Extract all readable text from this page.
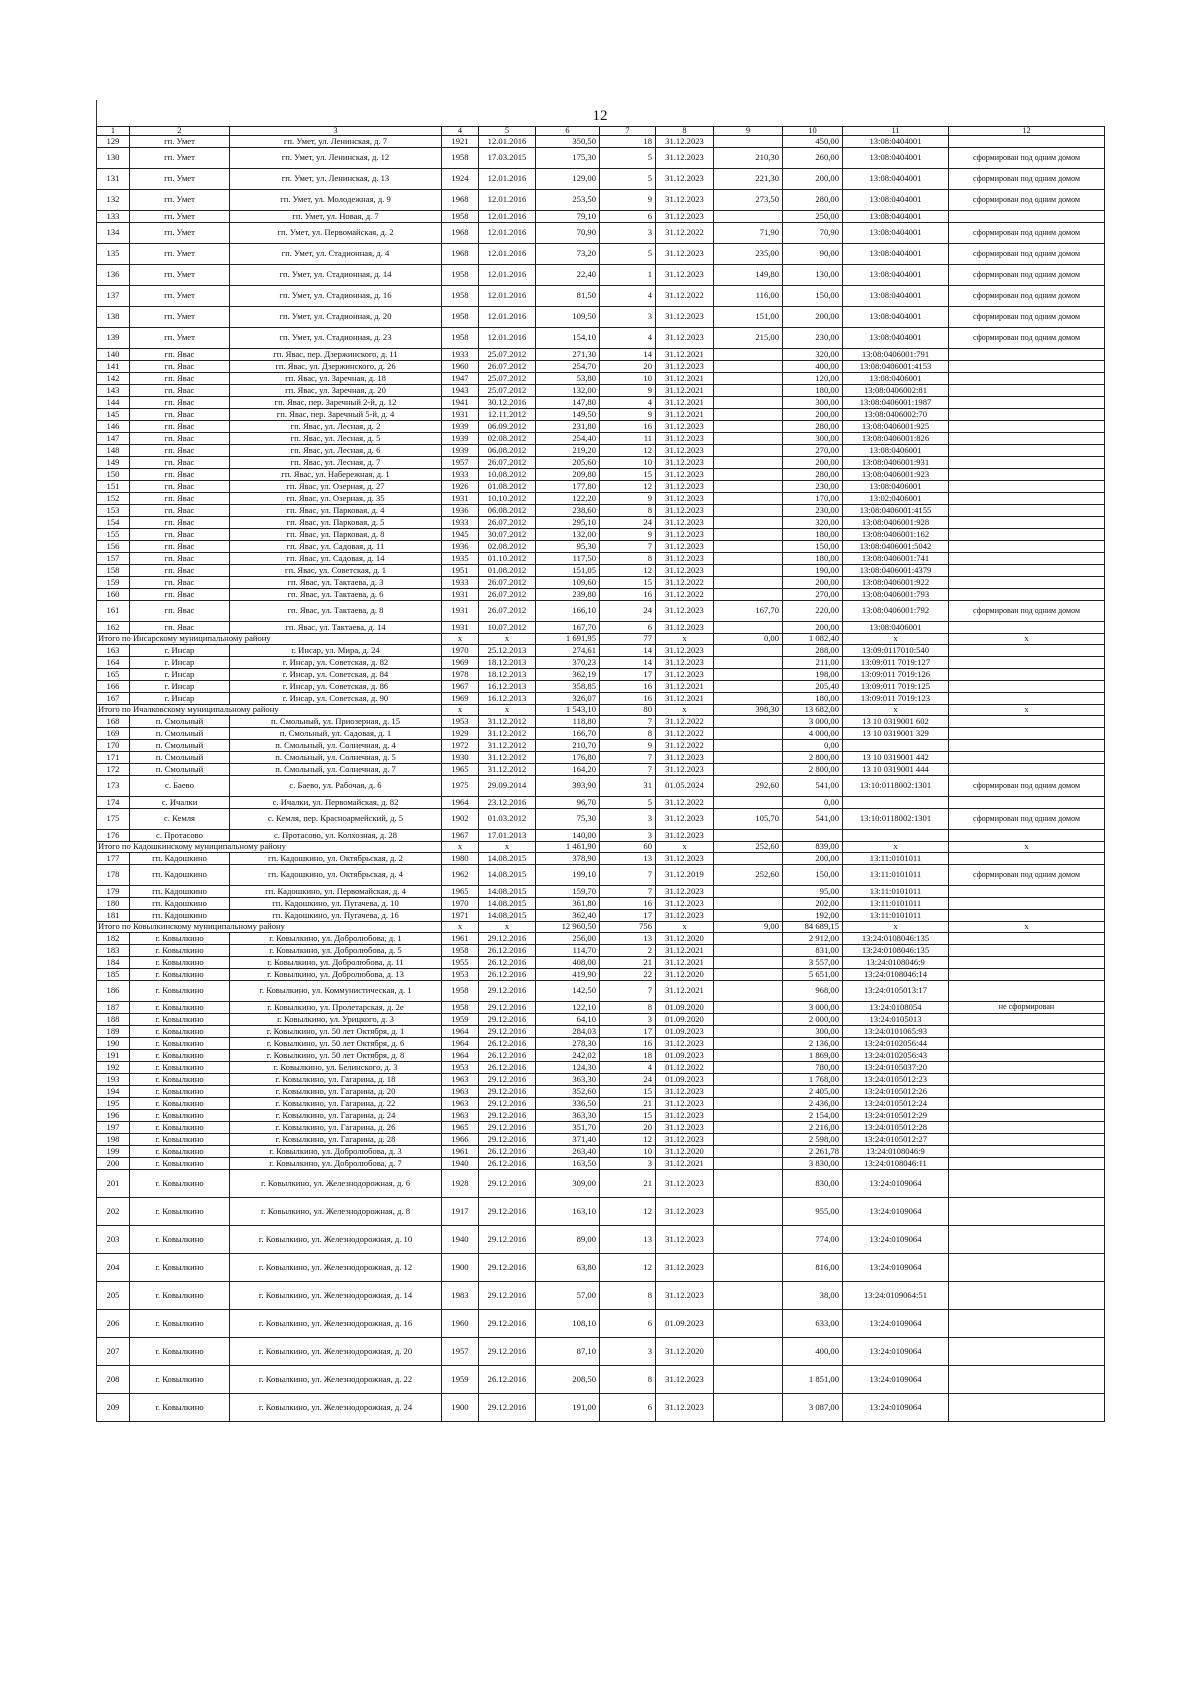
12
1	2	3	4	5	6	7	8	9	10	11	12
129	гп. Умет	гп. Умет, ул. Ленинская, д. 7	1921	12.01.2016	350,50	18	31.12.2023		450,00	13:08:0404001	
130	гп. Умет	гп. Умет, ул. Ленинская, д. 12	1958	17.03.2015	175,30	5	31.12.2023	210,30	260,00	13:08:0404001	сформирован под одним домом
131	гп. Умет	гп. Умет, ул. Ленинская, д. 13	1924	12.01.2016	129,00	5	31.12.2023	221,30	200,00	13:08:0404001	сформирован под одним домом
132	гп. Умет	гп. Умет, ул. Молодежная, д. 9	1968	12.01.2016	253,50	9	31.12.2023	273,50	280,00	13:08:0404001	сформирован под одним домом
133	гп. Умет	гп. Умет, ул. Новая, д. 7	1958	12.01.2016	79,10	6	31.12.2023		250,00	13:08:0404001	
134	гп. Умет	гп. Умет, ул. Первомайская, д. 2	1968	12.01.2016	70,90	3	31.12.2022	71,90	70,90	13:08:0404001	сформирован под одним домом
135	гп. Умет	гп. Умет, ул. Стадионная, д. 4	1968	12.01.2016	73,20	5	31.12.2023	235,00	90,00	13:08:0404001	сформирован под одним домом
136	гп. Умет	гп. Умет, ул. Стадионная, д. 14	1958	12.01.2016	22,40	1	31.12.2023	149,80	130,00	13:08:0404001	сформирован под одним домом
137	гп. Умет	гп. Умет, ул. Стадионная, д. 16	1958	12.01.2016	81,50	4	31.12.2022	116,00	150,00	13:08:0404001	сформирован под одним домом
138	гп. Умет	гп. Умет, ул. Стадионная, д. 20	1958	12.01.2016	109,50	3	31.12.2023	151,00	200,00	13:08:0404001	сформирован под одним домом
139	гп. Умет	гп. Умет, ул. Стадионная, д. 23	1958	12.01.2016	154,10	4	31.12.2023	215,00	230,00	13:08:0404001	сформирован под одним домом
140	гп. Явас	гп. Явас, пер. Дзержинского, д. 11	1933	25.07.2012	271,30	14	31.12.2021		320,00	13:08:0406001:791	
141	гп. Явас	гп. Явас, ул. Дзержинского, д. 26	1960	26.07.2012	254,70	20	31.12.2023		400,00	13:08:0406001:4153	
142	гп. Явас	гп. Явас, ул. Заречная, д. 18	1947	25.07.2012	53,80	10	31.12.2021		120,00	13:08:0406001	
143	гп. Явас	гп. Явас, ул. Заречная, д. 20	1943	25.07.2012	132,00	9	31.12.2021		180,00	13:08:0406002:81	
144	гп. Явас	гп. Явас, пер. Заречный 2-й, д. 12	1941	30.12.2016	147,80	4	31.12.2021		300,00	13:08:0406001:1987	
145	гп. Явас	гп. Явас, пер. Заречный 5-й, д. 4	1931	12.11.2012	149,50	9	31.12.2021		200,00	13:08:0406002:70	
146	гп. Явас	гп. Явас, ул. Лесная, д. 2	1939	06.09.2012	231,80	16	31.12.2023		280,00	13:08:0406001:925	
147	гп. Явас	гп. Явас, ул. Лесная, д. 5	1939	02.08.2012	254,40	11	31.12.2023		300,00	13:08:0406001:826	
148	гп. Явас	гп. Явас, ул. Лесная, д. 6	1939	06.08.2012	219,20	12	31.12.2023		270,00	13:08:0406001	
149	гп. Явас	гп. Явас, ул. Лесная, д. 7	1957	26.07.2012	205,60	10	31.12.2023		200,00	13:08:0406001:931	
150	гп. Явас	гп. Явас, ул. Набережная, д. 1	1933	10.08.2012	209,80	15	31.12.2023		280,00	13:08:0406001:923	
151	гп. Явас	гп. Явас, ул. Озерная, д. 27	1926	01.08.2012	177,80	12	31.12.2023		230,00	13:08:0406001	
152	гп. Явас	гп. Явас, ул. Озерная, д. 35	1931	10.10.2012	122,20	9	31.12.2023		170,00	13:02:0406001	
153	гп. Явас	гп. Явас, ул. Парковая, д. 4	1936	06.08.2012	238,60	8	31.12.2023		230,00	13:08:0406001:4155	
154	гп. Явас	гп. Явас, ул. Парковая, д. 5	1933	26.07.2012	295,10	24	31.12.2023		320,00	13:08:0406001:928	
155	гп. Явас	гп. Явас, ул. Парковая, д. 8	1945	30.07.2012	132,00	9	31.12.2023		180,00	13:08:0406001:162	
156	гп. Явас	гп. Явас, ул. Садовая, д. 11	1936	02.08.2012	95,30	7	31.12.2023		150,00	13:08:0406001:5042	
157	гп. Явас	гп. Явас, ул. Садовая, д. 14	1935	01.10.2012	117,50	8	31.12.2023		180,00	13:08:0406001:741	
158	гп. Явас	гп. Явас, ул. Советская, д. 1	1951	01.08.2012	151,05	12	31.12.2023		190,00	13:08:0406001:4379	
159	гп. Явас	гп. Явас, ул. Тактаева, д. 3	1933	26.07.2012	109,60	15	31.12.2022		200,00	13:08:0406001:922	
160	гп. Явас	гп. Явас, ул. Тактаева, д. 6	1931	26.07.2012	239,80	16	31.12.2022		270,00	13:08:0406001:793	
161	гп. Явас	гп. Явас, ул. Тактаева, д. 8	1931	26.07.2012	166,10	24	31.12.2023	167,70	220,00	13:08:0406001:792	сформирован под одним домом
162	гп. Явас	гп. Явас, ул. Тактаева, д. 14	1931	10.07.2012	167,70	6	31.12.2023		200,00	13:08:0406001	
Итого по Инсарскому муниципальному району			x	x	1 691,95	77	x	0,00	1 082,40	x	x
163	г. Инсар	г. Инсар, ул. Мира, д. 24	1970	25.12.2013	274,61	14	31.12.2023		288,00	13:09:0117010:540	
164	г. Инсар	г. Инсар, ул. Советская, д. 82	1969	18.12.2013	370,23	14	31.12.2023		211,00	13:09:011 7019:127	
165	г. Инсар	г. Инсар, ул. Советская, д. 84	1978	18.12.2013	362,19	17	31.12.2023		198,00	13:09:011 7019:126	
166	г. Инсар	г. Инсар, ул. Советская, д. 86	1967	16.12.2013	358,85	16	31.12.2021		205,40	13:09:011 7019:125	
167	г. Инсар	г. Инсар, ул. Советская, д. 90	1969	16.12.2013	326,07	16	31.12.2021		180,00	13:09:011 7019:123	
Итого по Ичалковскому муниципальному району			x	x	1 543,10	80	x	398,30	13 682,00	x	x
168	п. Смольный	п. Смольный, ул. Приозерная, д. 15	1953	31.12.2012	118,80	7	31.12.2022		3 000,00	13 10 0319001 602	
169	п. Смольный	п. Смольный, ул. Садовая, д. 1	1929	31.12.2012	166,70	8	31.12.2022		4 000,00	13 10 0319001 329	
170	п. Смольный	п. Смольный, ул. Солнечная, д. 4	1972	31.12.2012	210,70	9	31.12.2022		0,00		
171	п. Смольный	п. Смольный, ул. Солнечная, д. 5	1930	31.12.2012	176,80	7	31.12.2023		2 800,00	13 10 0319001 442	
172	п. Смольный	п. Смольный, ул. Солнечная, д. 7	1965	31.12.2012	164,20	7	31.12.2023		2 800,00	13 10 0319001 444	
173	с. Баево	с. Баево, ул. Рабочая, д. 6	1975	29.09.2014	393,90	31	01.05.2024	292,60	541,00	13:10:0118002:1301	сформирован под одним домом
174	с. Ичалки	с. Ичалки, ул. Первомайская, д. 82	1964	23.12.2016	96,70	5	31.12.2022		0,00		
175	с. Кемля	с. Кемля, пер. Красноармейский, д. 5	1902	01.03.2012	75,30	3	31.12.2023	105,70	541,00	13:10:0118002:1301	сформирован под одним домом
176	с. Протасово	с. Протасово, ул. Колхозная, д. 28	1967	17.01.2013	140,00	3	31.12.2023				
Итого по Кадошкинскому муниципальному району			x	x	1 461,90	60	x	252,60	839,00	x	x
177	гп. Кадошкино	гп. Кадошкино, ул. Октябрьская, д. 2	1980	14.08.2015	378,90	13	31.12.2023		200,00	13:11:0101011	
178	гп. Кадошкино	гп. Кадошкино, ул. Октябрьская, д. 4	1962	14.08.2015	199,10	7	31.12.2019	252,60	150,00	13:11:0101011	сформирован под одним домом
179	гп. Кадошкино	гп. Кадошкино, ул. Первомайская, д. 4	1965	14.08.2015	159,70	7	31.12.2023		95,00	13:11:0101011	
180	гп. Кадошкино	гп. Кадошкино, ул. Пугачева, д. 10	1970	14.08.2015	361,80	16	31.12.2023		202,00	13:11:0101011	
181	гп. Кадошкино	гп. Кадошкино, ул. Пугачева, д. 16	1971	14.08.2015	362,40	17	31.12.2023		192,00	13:11:0101011	
Итого по Ковылкинскому муниципальному району			x	x	12 960,50	756	x	9,00	84 689,15	x	x
182	г. Ковылкино	г. Ковылкино, ул. Добролюбова, д. 1	1961	29.12.2016	256,00	13	31.12.2020		2 912,00	13:24:0108046:135	
183	г. Ковылкино	г. Ковылкино, ул. Добролюбова, д. 5	1958	26.12.2016	114,70	2	31.12.2021		831,00	13:24:0108046:135	
184	г. Ковылкино	г. Ковылкино, ул. Добролюбова, д. 11	1955	26.12.2016	408,00	21	31.12.2021		3 557,00	13:24:0108046:9	
185	г. Ковылкино	г. Ковылкино, ул. Добролюбова, д. 13	1953	26.12.2016	419,90	22	31.12.2020		5 651,00	13:24:0108046:14	
186	г. Ковылкино	г. Ковылкино, ул. Коммунистическая, д. 1	1958	29.12.2016	142,50	7	31.12.2021		968,00	13:24:0105013:17	
187	г. Ковылкино	г. Ковылкино, ул. Пролетарская, д. 2е	1958	29.12.2016	122,10	8	01.09.2020		3 000,00	13:24:0108054	не сформирован
188	г. Ковылкино	г. Ковылкино, ул. Урицкого, д. 3	1959	29.12.2016	64,10	3	01.09.2020		2 000,00	13:24:0105013	
189	г. Ковылкино	г. Ковылкино, ул. 50 лет Октября, д. 1	1964	29.12.2016	284,03	17	01.09.2023		300,00	13:24:0101065:93	
190	г. Ковылкино	г. Ковылкино, ул. 50 лет Октября, д. 6	1964	26.12.2016	278,30	16	31.12.2023		2 136,00	13:24:0102056:44	
191	г. Ковылкино	г. Ковылкино, ул. 50 лет Октября, д. 8	1964	26.12.2016	242,02	18	01.09.2023		1 869,00	13:24:0102056:43	
192	г. Ковылкино	г. Ковылкино, ул. Белинского, д. 3	1953	26.12.2016	124,30	4	01.12.2022		780,00	13:24:0105037:20	
193	г. Ковылкино	г. Ковылкино, ул. Гагарина, д. 18	1963	29.12.2016	363,30	24	01.09.2023		1 768,00	13:24:0105012:23	
194	г. Ковылкино	г. Ковылкино, ул. Гагарина, д. 20	1963	29.12.2016	352,60	15	31.12.2023		2 405,00	13:24:0105012:26	
195	г. Ковылкино	г. Ковылкино, ул. Гагарина, д. 22	1963	29.12.2016	336,50	21	31.12.2023		2 436,00	13:24:0105012:24	
196	г. Ковылкино	г. Ковылкино, ул. Гагарина, д. 24	1963	29.12.2016	363,30	15	31.12.2023		2 154,00	13:24:0105012:29	
197	г. Ковылкино	г. Ковылкино, ул. Гагарина, д. 26	1965	29.12.2016	351,70	20	31.12.2023		2 216,00	13:24:0105012:28	
198	г. Ковылкино	г. Ковылкино, ул. Гагарина, д. 28	1966	29.12.2016	371,40	12	31.12.2023		2 598,00	13:24:0105012:27	
199	г. Ковылкино	г. Ковылкино, ул. Добролюбова, д. 3	1961	26.12.2016	263,40	10	31.12.2020		2 261,78	13:24:0108046:9	
200	г. Ковылкино	г. Ковылкино, ул. Добролюбова, д. 7	1940	26.12.2016	163,50	3	31.12.2021		3 830,00	13:24:0108046:11	
201	г. Ковылкино	г. Ковылкино, ул. Железнодорожная, д. 6	1928	29.12.2016	309,00	21	31.12.2023		830,00	13:24:0109064	
202	г. Ковылкино	г. Ковылкино, ул. Железнодорожная, д. 8	1917	29.12.2016	163,10	12	31.12.2023		955,00	13:24:0109064	
203	г. Ковылкино	г. Ковылкино, ул. Железнодорожная, д. 10	1940	29.12.2016	89,00	13	31.12.2023		774,00	13:24:0109064	
204	г. Ковылкино	г. Ковылкино, ул. Железнодорожная, д. 12	1900	29.12.2016	63,80	12	31.12.2023		816,00	13:24:0109064	
205	г. Ковылкино	г. Ковылкино, ул. Железнодорожная, д. 14	1983	29.12.2016	57,00	8	31.12.2023		38,00	13:24:0109064:51	
206	г. Ковылкино	г. Ковылкино, ул. Железнодорожная, д. 16	1960	29.12.2016	108,10	6	01.09.2023		633,00	13:24:0109064	
207	г. Ковылкино	г. Ковылкино, ул. Железнодорожная, д. 20	1957	29.12.2016	87,10	3	31.12.2020		400,00	13:24:0109064	
208	г. Ковылкино	г. Ковылкино, ул. Железнодорожная, д. 22	1959	26.12.2016	208,50	8	31.12.2023		1 851,00	13:24:0109064	
209	г. Ковылкино	г. Ковылкино, ул. Железнодорожная, д. 24	1900	29.12.2016	191,00	6	31.12.2023		3 087,00	13:24:0109064	
